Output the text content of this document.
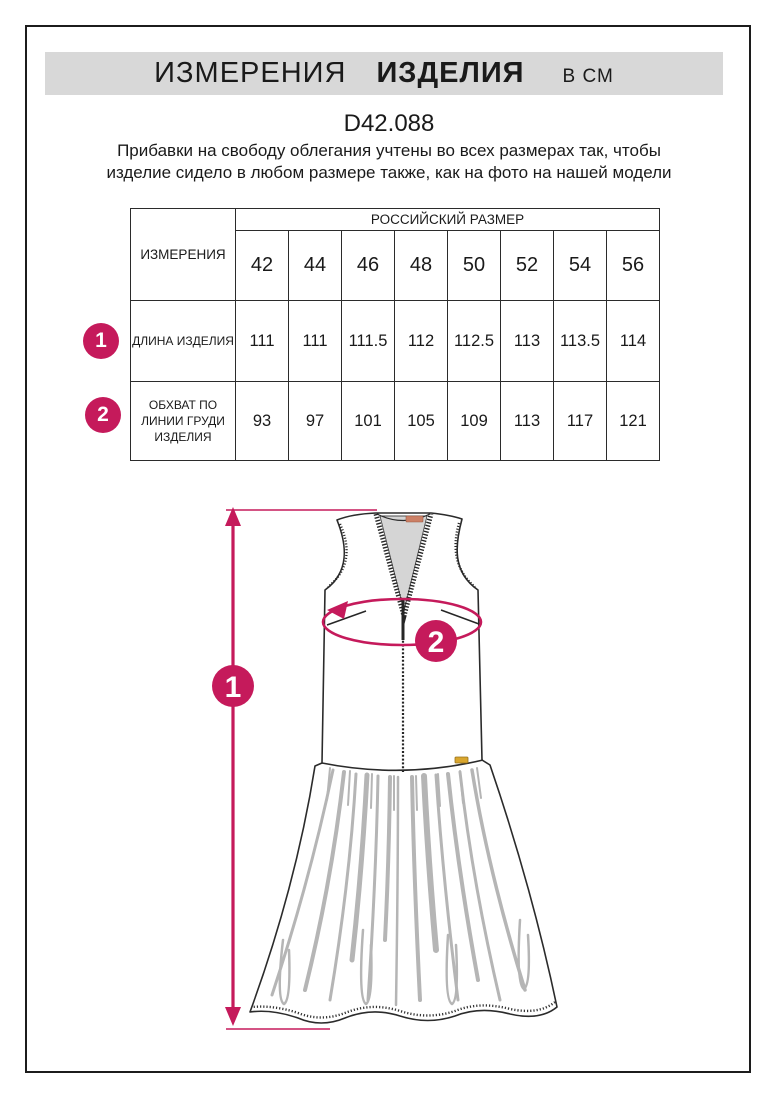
ИЗМЕРЕНИЯ ИЗДЕЛИЯ В СМ
D42.088

Прибавки на свободу облегания учтены во всех размерах так, чтобы изделие сидело в любом размере также, как на фото на нашей модели

ИЗМЕРЕНИЯ	РОССИЙСКИЙ РАЗМЕР							
	42	44	46	48	50	52	54	56
ДЛИНА ИЗДЕЛИЯ	111	111	111.5	112	112.5	113	113.5	114
ОБХВАТ ПО ЛИНИИ ГРУДИ ИЗДЕЛИЯ	93	97	101	105	109	113	117	121
1
2
1
2
